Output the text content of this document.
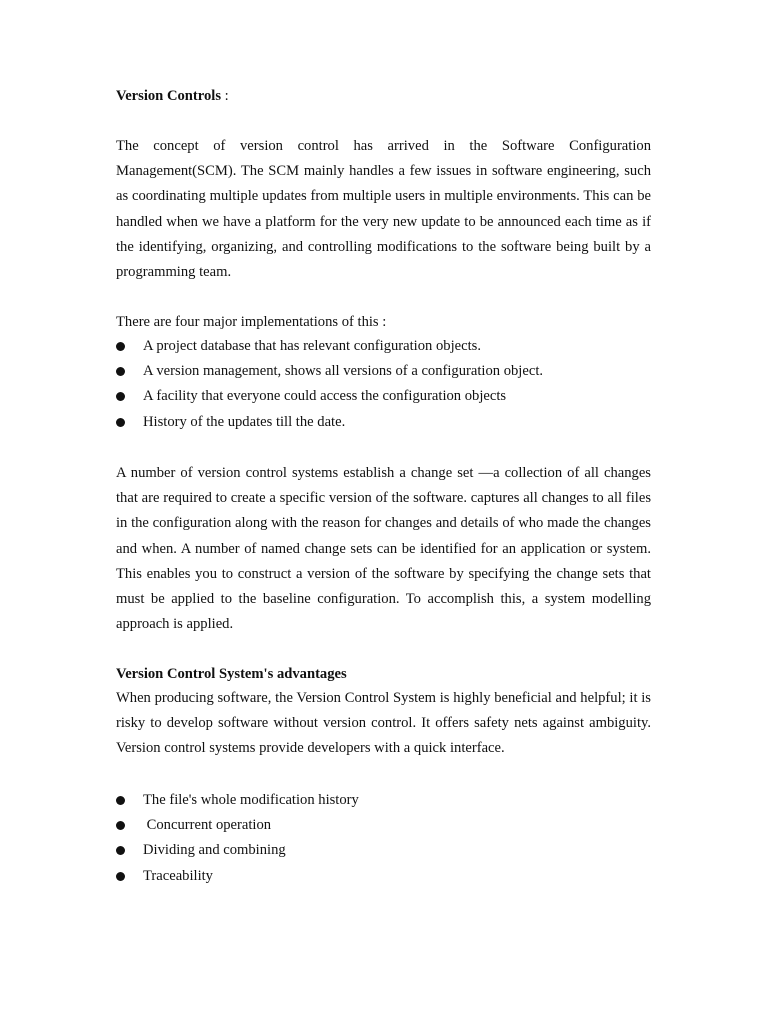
Version Controls :

The concept of version control has arrived in the Software Configuration Management(SCM). The SCM mainly handles a few issues in software engineering, such as coordinating multiple updates from multiple users in multiple environments. This can be handled when we have a platform for the very new update to be announced each time as if the identifying, organizing, and controlling modifications to the software being built by a programming team.

There are four major implementations of this :
A project database that has relevant configuration objects.
A version management, shows all versions of a configuration object.
A facility that everyone could access the configuration objects
History of the updates till the date.

A number of version control systems establish a change set —a collection of all changes that are required to create a specific version of the software. captures all changes to all files in the configuration along with the reason for changes and details of who made the changes and when. A number of named change sets can be identified for an application or system. This enables you to construct a version of the software by specifying the change sets that must be applied to the baseline configuration. To accomplish this, a system modelling approach is applied.

Version Control System's advantages

When producing software, the Version Control System is highly beneficial and helpful; it is risky to develop software without version control. It offers safety nets against ambiguity. Version control systems provide developers with a quick interface.

The file's whole modification history
Concurrent operation
Dividing and combining
Traceability
